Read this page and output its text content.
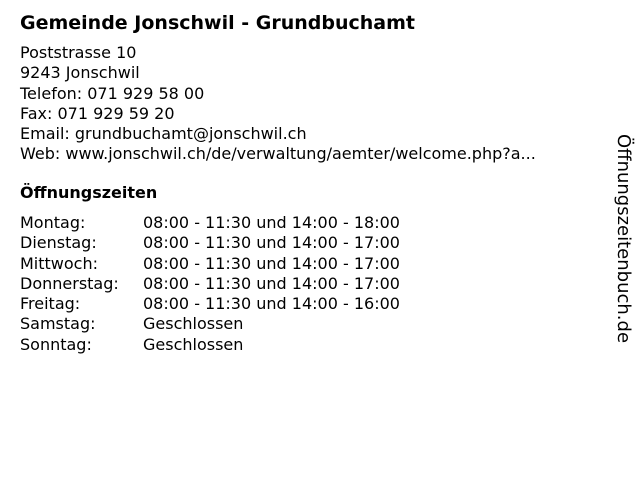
Gemeinde Jonschwil - Grundbuchamt
Poststrasse 10
9243 Jonschwil
Telefon: 071 929 58 00
Fax: 071 929 59 20
Email: grundbuchamt@jonschwil.ch
Web: www.jonschwil.ch/de/verwaltung/aemter/welcome.php?a...
Öffnungszeiten
Montag:	08:00 - 11:30 und 14:00 - 18:00
Dienstag:	08:00 - 11:30 und 14:00 - 17:00
Mittwoch:	08:00 - 11:30 und 14:00 - 17:00
Donnerstag:	08:00 - 11:30 und 14:00 - 17:00
Freitag:	08:00 - 11:30 und 14:00 - 16:00
Samstag:	Geschlossen
Sonntag:	Geschlossen
Öffnungszeitenbuch.de
